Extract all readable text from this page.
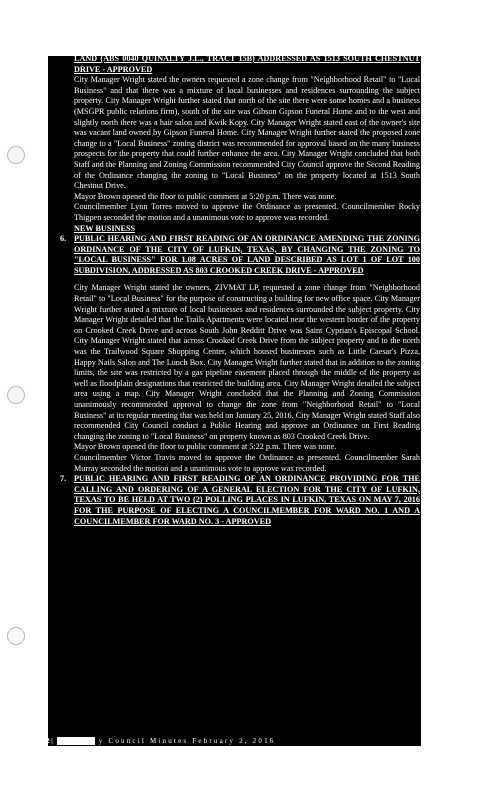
LAND (ABS 0040 QUINALTY J.L., TRACT 15B) ADDRESSED AS 1513 SOUTH CHESTNUT DRIVE - APPROVED

City Manager Wright stated the owners requested a zone change from "Neighborhood Retail" to "Local Business" and that there was a mixture of local businesses and residences surrounding the subject property. City Manager Wright further stated that north of the site there were some homes and a business (MSGPR public relations firm), south of the site was Gibson Gipson Funeral Home and to the west and slightly north there was a hair salon and Kwik Kopy. City Manager Wright stated east of the owner's site was vacant land owned by Gipson Funeral Home. City Manager Wright further stated the proposed zone change to a "Local Business" zoning district was recommended for approval based on the many business prospects for the property that could further enhance the area. City Manager Wright concluded that both Staff and the Planning and Zoning Commission recommended City Council approve the Second Reading of the Ordinance changing the zoning to "Local Business" on the property located at 1513 South Chestnut Drive.

Mayor Brown opened the floor to public comment at 5:20 p.m. There was none.

Councilmember Lynn Torres moved to approve the Ordinance as presented. Councilmember Rocky Thigpen seconded the motion and a unanimous vote to approve was recorded.

NEW BUSINESS

6. PUBLIC HEARING AND FIRST READING OF AN ORDINANCE AMENDING THE ZONING ORDINANCE OF THE CITY OF LUFKIN, TEXAS, BY CHANGING THE ZONING TO "LOCAL BUSINESS" FOR 1.08 ACRES OF LAND DESCRIBED AS LOT 1 OF LOT 100 SUBDIVISION, ADDRESSED AS 803 CROOKED CREEK DRIVE - APPROVED

City Manager Wright stated the owners, ZIVMAT LP, requested a zone change from "Neighborhood Retail" to "Local Business" for the purpose of constructing a building for new office space. City Manager Wright further stated a mixture of local businesses and residences surrounded the subject property. City Manager Wright detailed that the Trails Apartments were located near the western border of the property on Crooked Creek Drive and across South John Redditt Drive was Saint Cyprian's Episcopal School. City Manager Wright stated that across Crooked Creek Drive from the subject property and to the north was the Trailwood Square Shopping Center, which housed businesses such as Little Caesar's Pizza, Happy Nails Salon and The Lunch Box. City Manager Wright further stated that in addition to the zoning limits, the site was restricted by a gas pipeline easement placed through the middle of the property as well as floodplain designations that restricted the building area. City Manager Wright detailed the subject area using a map. City Manager Wright concluded that the Planning and Zoning Commission unanimously recommended approval to change the zone from "Neighborhood Retail" to "Local Business" at its regular meeting that was held on January 25, 2016. City Manager Wright stated Staff also recommended City Council conduct a Public Hearing and approve an Ordinance on First Reading changing the zoning to "Local Business" on property known as 803 Crooked Creek Drive.

Mayor Brown opened the floor to public comment at 5:22 p.m. There was none.

Councilmember Victor Travis moved to approve the Ordinance as presented. Councilmember Sarah Murray seconded the motion and a unanimous vote to approve was recorded.

7. PUBLIC HEARING AND FIRST READING OF AN ORDINANCE PROVIDING FOR THE CALLING AND ORDERING OF A GENERAL ELECTION FOR THE CITY OF LUFKIN, TEXAS TO BE HELD AT TWO (2) POLLING PLACES IN LUFKIN, TEXAS ON MAY 7, 2016 FOR THE PURPOSE OF ELECTING A COUNCILMEMBER FOR WARD NO. 1 AND A COUNCILMEMBER FOR WARD NO. 3 - APPROVED

2 |	y Council Minutes February 2, 2016
